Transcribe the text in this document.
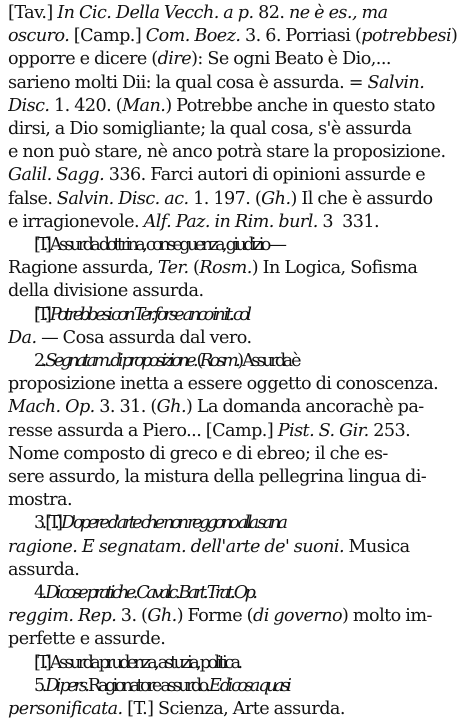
[Tav.] In Cic. Della Vecch. a p. 82. ne è es., ma
oscuro. [Camp.] Com. Boez. 3. 6. Porriasi (potrebbesi)
opporre e dicere (dire): Se ogni Beato è Dio,...
sarieno molti Dii: la qual cosa è assurda. = Salvin.
Disc. 1. 420. (Man.) Potrebbe anche in questo stato
dirsi, a Dio somigliante; la qual cosa, s'è assurda
e non può stare, nè anco potrà stare la proposizione.
Galil. Sagg. 336. Farci autori di opinioni assurde e
false. Salvin. Disc. ac. 1. 197. (Gh.) Il che è assurdo
e irragionevole. Alf. Paz. in Rim. burl. 3  331.
[T.] Assurda dottrina, conseguenza, giudizio —
Ragione assurda, Ter. (Rosm.) In Logica, Sofisma
della divisione assurda.
[T.] Potrebbesi con Ter. forse anco in it. col
Da. — Cosa assurda dal vero.
2. Segnatam. di proposizione. (Rosm.) Assurda è
proposizione inetta a essere oggetto di conoscenza.
Mach. Op. 3. 31. (Gh.) La domanda ancorachè pa-
resse assurda a Piero... [Camp.] Pist. S. Gir. 253.
Nome composto di greco e di ebreo; il che es-
sere assurdo, la mistura della pellegrina lingua di-
mostra.
3. [T.] D'opere d'arte che non reggono alla sana
ragione. E segnatam. dell'arte de' suoni. Musica
assurda.
4. Di cose pratiche. Cavalc. Bart. Trat. Op.
reggim. Rep. 3. (Gh.) Forme (di governo) molto im-
perfette e assurde.
[T.] Assurda prudenza, astuzia, politica.
5. Di pers. Ragionatore assurdo. E di cosa quasi
personificata. [T.] Scienza, Arte assurda.
